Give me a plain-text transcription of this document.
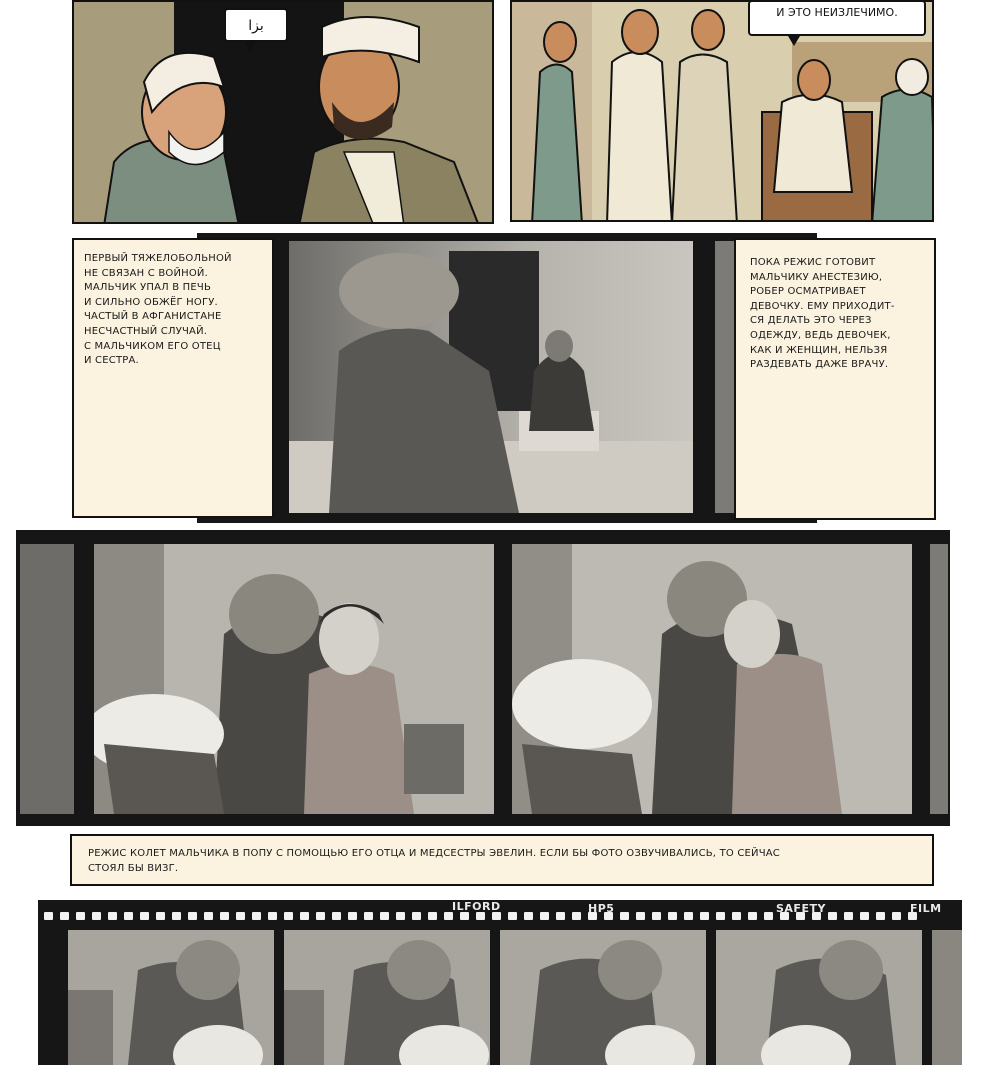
ﺑﺰﺍ
И ЭТО НЕИЗЛЕЧИМО.
ПЕРВЫЙ ТЯЖЕЛОБОЛЬНОЙ
НЕ СВЯЗАН С ВОЙНОЙ.
МАЛЬЧИК УПАЛ В ПЕЧЬ
И СИЛЬНО ОБЖЁГ НОГУ.
ЧАСТЫЙ В АФГАНИСТАНЕ
НЕСЧАСТНЫЙ СЛУЧАЙ.
С МАЛЬЧИКОМ ЕГО ОТЕЦ
И СЕСТРА.
ПОКА РЕЖИС ГОТОВИТ
МАЛЬЧИКУ АНЕСТЕЗИЮ,
РОБЕР ОСМАТРИВАЕТ
ДЕВОЧКУ. ЕМУ ПРИХОДИТ-
СЯ ДЕЛАТЬ ЭТО ЧЕРЕЗ
ОДЕЖДУ, ВЕДЬ ДЕВОЧЕК,
КАК И ЖЕНЩИН, НЕЛЬЗЯ
РАЗДЕВАТЬ ДАЖЕ ВРАЧУ.
РЕЖИС КОЛЕТ МАЛЬЧИКА В ПОПУ С ПОМОЩЬЮ ЕГО ОТЦА И МЕДСЕСТРЫ ЭВЕЛИН. ЕСЛИ БЫ ФОТО ОЗВУЧИВАЛИСЬ, ТО СЕЙЧАС
СТОЯЛ БЫ ВИЗГ.
ILFORD	HP5	SAFETY	FILM
